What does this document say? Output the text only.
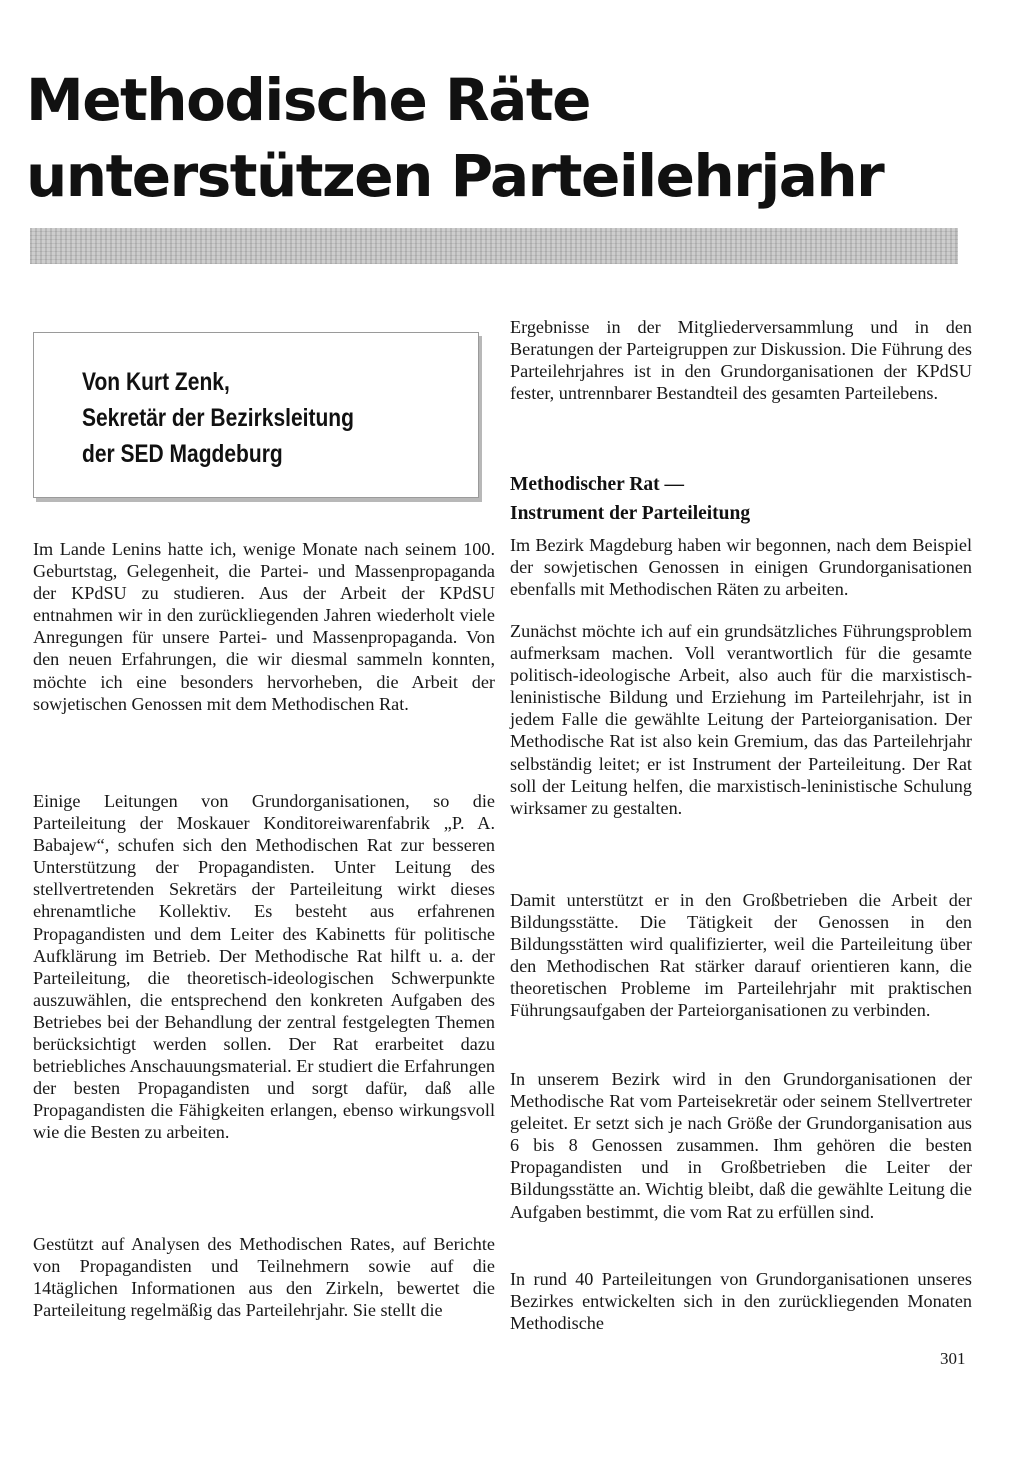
Methodische Räte
unterstützen Parteilehrjahr
Von Kurt Zenk,
Sekretär der Bezirksleitung
der SED Magdeburg

Im Lande Lenins hatte ich, wenige Monate nach seinem 100. Geburtstag, Gelegenheit, die Partei- und Massenpropaganda der KPdSU zu studieren. Aus der Arbeit der KPdSU entnahmen wir in den zurückliegenden Jahren wiederholt viele Anregungen für unsere Partei- und Massenpropaganda. Von den neuen Erfahrungen, die wir diesmal sammeln konnten, möchte ich eine besonders hervorheben, die Arbeit der sowjetischen Genossen mit dem Methodischen Rat.

Einige Leitungen von Grundorganisationen, so die Parteileitung der Moskauer Konditoreiwarenfabrik „P. A. Babajew“, schufen sich den Methodischen Rat zur besseren Unterstützung der Propagandisten. Unter Leitung des stellvertretenden Sekretärs der Parteileitung wirkt dieses ehrenamtliche Kollektiv. Es besteht aus erfahrenen Propagandisten und dem Leiter des Kabinetts für politische Aufklärung im Betrieb. Der Methodische Rat hilft u. a. der Parteileitung, die theoretisch-ideologischen Schwerpunkte auszuwählen, die entsprechend den konkreten Aufgaben des Betriebes bei der Behandlung der zentral festgelegten Themen berücksichtigt werden sollen. Der Rat erarbeitet dazu betriebliches Anschauungsmaterial. Er studiert die Erfahrungen der besten Propagandisten und sorgt dafür, daß alle Propagandisten die Fähigkeiten erlangen, ebenso wirkungsvoll wie die Besten zu arbeiten.

Gestützt auf Analysen des Methodischen Rates, auf Berichte von Propagandisten und Teilnehmern sowie auf die 14täglichen Informationen aus den Zirkeln, bewertet die Parteileitung regelmäßig das Parteilehrjahr. Sie stellt die

Ergebnisse in der Mitgliederversammlung und in den Beratungen der Parteigruppen zur Diskussion. Die Führung des Parteilehrjahres ist in den Grundorganisationen der KPdSU fester, untrennbarer Bestandteil des gesamten Parteilebens.

Methodischer Rat —
Instrument der Parteileitung

Im Bezirk Magdeburg haben wir begonnen, nach dem Beispiel der sowjetischen Genossen in einigen Grundorganisationen ebenfalls mit Methodischen Räten zu arbeiten.

Zunächst möchte ich auf ein grundsätzliches Führungsproblem aufmerksam machen. Voll verantwortlich für die gesamte politisch-ideologische Arbeit, also auch für die marxistisch-leninistische Bildung und Erziehung im Parteilehrjahr, ist in jedem Falle die gewählte Leitung der Parteiorganisation. Der Methodische Rat ist also kein Gremium, das das Parteilehrjahr selbständig leitet; er ist Instrument der Parteileitung. Der Rat soll der Leitung helfen, die marxistisch-leninistische Schulung wirksamer zu gestalten.

Damit unterstützt er in den Großbetrieben die Arbeit der Bildungsstätte. Die Tätigkeit der Genossen in den Bildungsstätten wird qualifizierter, weil die Parteileitung über den Methodischen Rat stärker darauf orientieren kann, die theoretischen Probleme im Parteilehrjahr mit praktischen Führungsaufgaben der Parteiorganisationen zu verbinden.

In unserem Bezirk wird in den Grundorganisationen der Methodische Rat vom Parteisekretär oder seinem Stellvertreter geleitet. Er setzt sich je nach Größe der Grundorganisation aus 6 bis 8 Genossen zusammen. Ihm gehören die besten Propagandisten und in Großbetrieben die Leiter der Bildungsstätte an. Wichtig bleibt, daß die gewählte Leitung die Aufgaben bestimmt, die vom Rat zu erfüllen sind.

In rund 40 Parteileitungen von Grundorganisationen unseres Bezirkes entwickelten sich in den zurückliegenden Monaten Methodische

301
